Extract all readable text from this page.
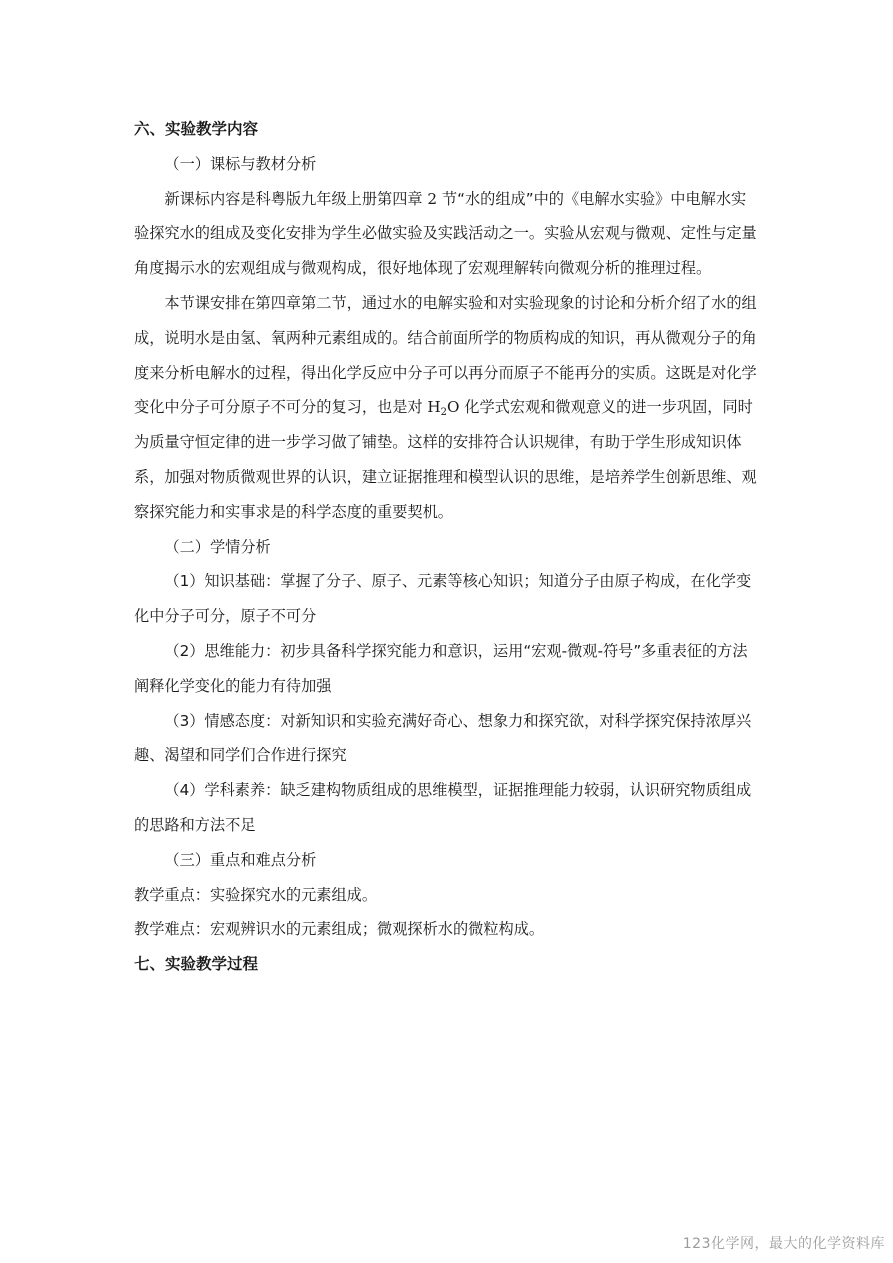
六、实验教学内容

（一）课标与教材分析

新课标内容是科粤版九年级上册第四章 2 节“水的组成”中的《电解水实验》中电解水实验探究水的组成及变化安排为学生必做实验及实践活动之一。实验从宏观与微观、定性与定量角度揭示水的宏观组成与微观构成，很好地体现了宏观理解转向微观分析的推理过程。

本节课安排在第四章第二节，通过水的电解实验和对实验现象的讨论和分析介绍了水的组成，说明水是由氢、氧两种元素组成的。结合前面所学的物质构成的知识，再从微观分子的角度来分析电解水的过程，得出化学反应中分子可以再分而原子不能再分的实质。这既是对化学变化中分子可分原子不可分的复习，也是对 $H_2O$ 化学式宏观和微观意义的进一步巩固，同时为质量守恒定律的进一步学习做了铺垫。这样的安排符合认识规律，有助于学生形成知识体系，加强对物质微观世界的认识，建立证据推理和模型认识的思维，是培养学生创新思维、观察探究能力和实事求是的科学态度的重要契机。

（二）学情分析

（1）知识基础：掌握了分子、原子、元素等核心知识；知道分子由原子构成，在化学变化中分子可分，原子不可分

（2）思维能力：初步具备科学探究能力和意识，运用“宏观-微观-符号”多重表征的方法阐释化学变化的能力有待加强

（3）情感态度：对新知识和实验充满好奇心、想象力和探究欲，对科学探究保持浓厚兴趣、渴望和同学们合作进行探究

（4）学科素养：缺乏建构物质组成的思维模型，证据推理能力较弱，认识研究物质组成的思路和方法不足

（三）重点和难点分析

教学重点：实验探究水的元素组成。

教学难点：宏观辨识水的元素组成；微观探析水的微粒构成。

七、实验教学过程

123化学网，最大的化学资料库
